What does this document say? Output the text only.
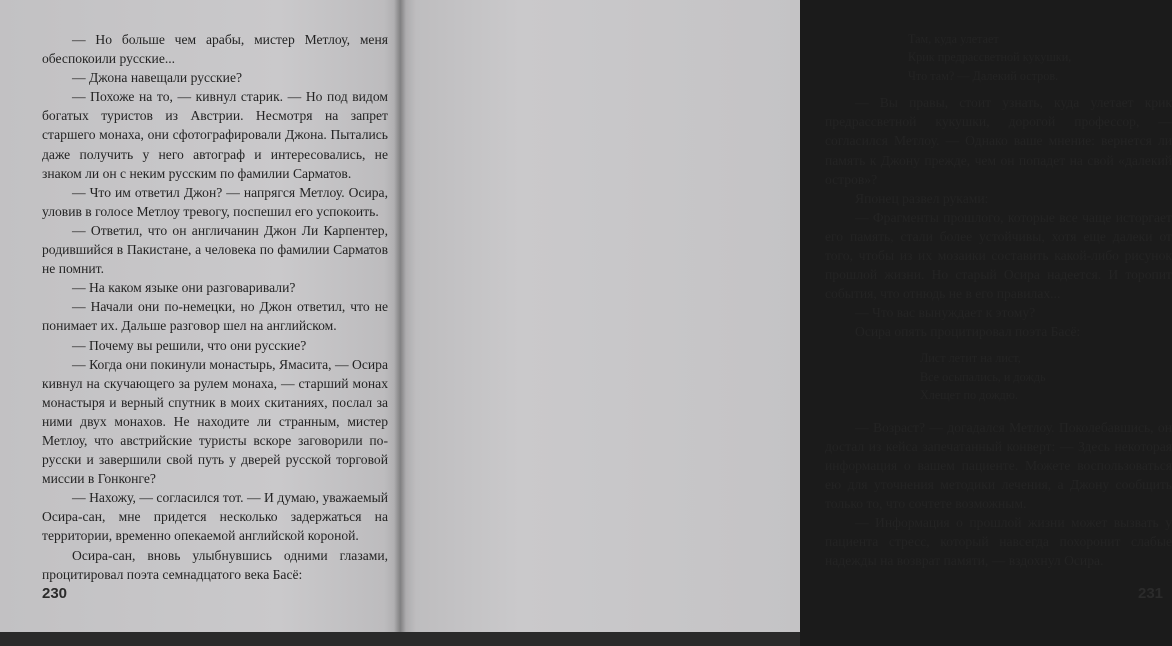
— Но больше чем арабы, мистер Метлоу, меня обеспокоили русские...

— Джона навещали русские?

— Похоже на то, — кивнул старик. — Но под видом богатых туристов из Австрии. Несмотря на запрет старшего монаха, они сфотографировали Джона. Пытались даже получить у него автограф и интересовались, не знаком ли он с неким русским по фамилии Сарматов.

— Что им ответил Джон? — напрягся Метлоу. Осира, уловив в голосе Метлоу тревогу, поспешил его успокоить.

— Ответил, что он англичанин Джон Ли Карпентер, родившийся в Пакистане, а человека по фамилии Сарматов не помнит.

— На каком языке они разговаривали?

— Начали они по-немецки, но Джон ответил, что не понимает их. Дальше разговор шел на английском.

— Почему вы решили, что они русские?

— Когда они покинули монастырь, Ямасита, — Осира кивнул на скучающего за рулем монаха, — старший монах монастыря и верный спутник в моих скитаниях, послал за ними двух монахов. Не находите ли странным, мистер Метлоу, что австрийские туристы вскоре заговорили по-русски и завершили свой путь у дверей русской торговой миссии в Гонконге?

— Нахожу, — согласился тот. — И думаю, уважаемый Осира-сан, мне придется несколько задержаться на территории, временно опекаемой английской короной.

Осира-сан, вновь улыбнувшись одними глазами, процитировал поэта семнадцатого века Басё:

230
Там, куда улетает
Крик предрассветной кукушки,
Что там? — Далекий остров.

— Вы правы, стоит узнать, куда улетает крик предрассветной кукушки, дорогой профессор, — согласился Метлоу. — Однако ваше мнение: вернется ли память к Джону прежде, чем он попадет на свой «далекий остров»?

Японец развел руками:

— Фрагменты прошлого, которые все чаще исторгает его память, стали более устойчивы, хотя еще далеки от того, чтобы из их мозаики составить какой-либо рисунок прошлой жизни. Но старый Осира надеется. И торопит события, что отнюдь не в его правилах...

— Что вас вынуждает к этому?

Осира опять процитировал поэта Басё:

Лист летит на лист,
Все осыпались, и дождь
Хлещет по дождю.

— Возраст? — догадался Метлоу. Поколебавшись, он достал из кейса запечатанный конверт: — Здесь некоторая информация о вашем пациенте. Можете воспользоваться ею для уточнения методики лечения, а Джону сообщить только то, что сочтете возможным.

— Информация о прошлой жизни может вызвать у пациента стресс, который навсегда похоронит слабые надежды на возврат памяти, — вздохнул Осира.

231
